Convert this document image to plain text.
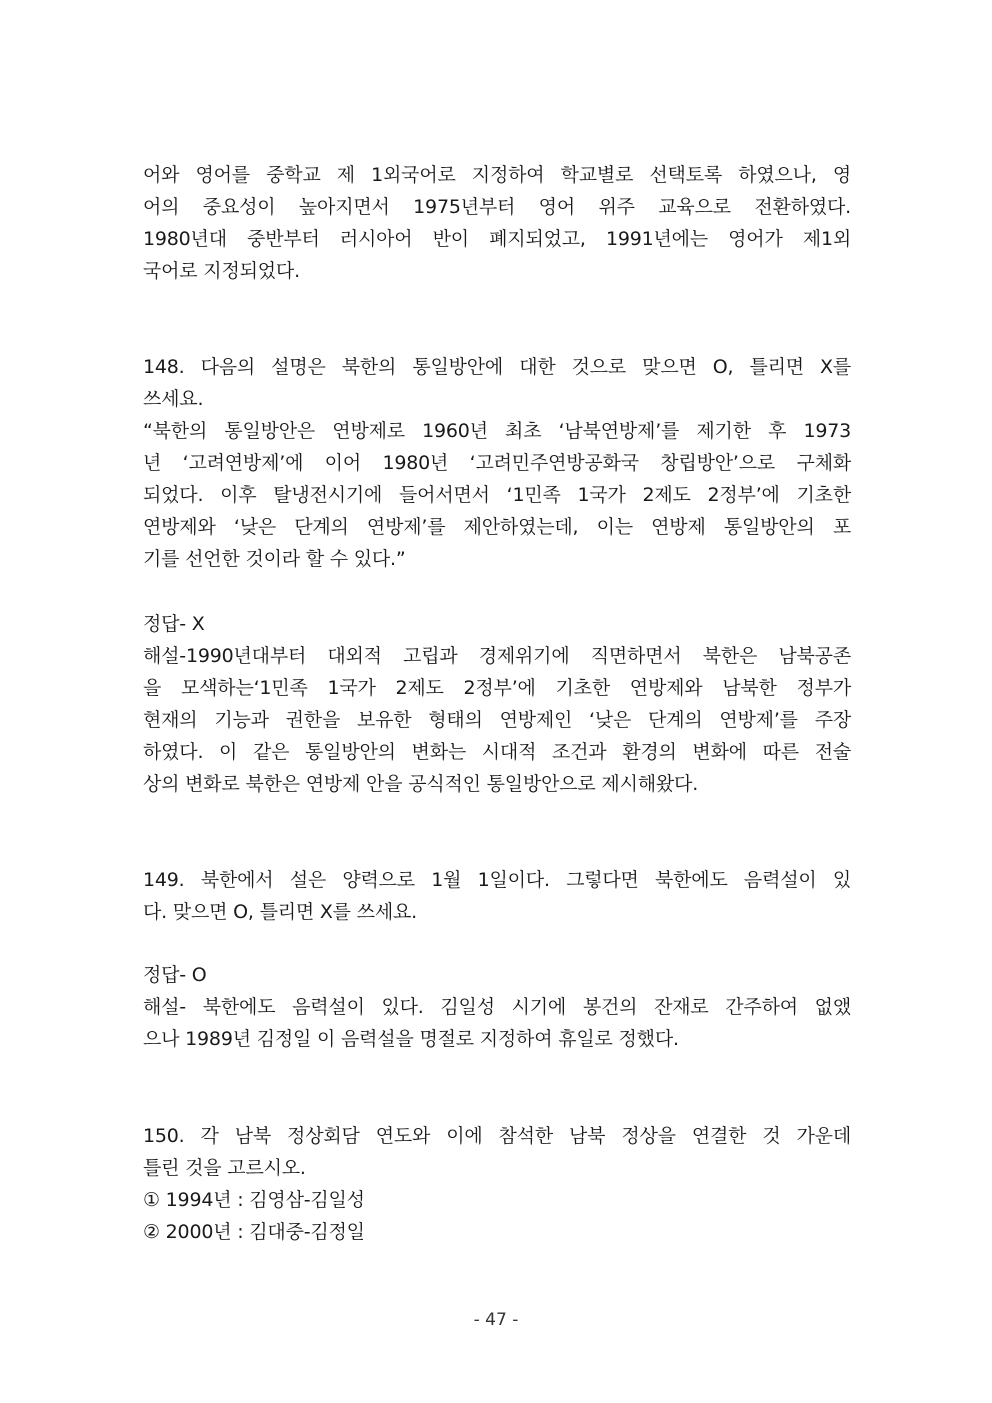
어와 영어를 중학교 제 1외국어로 지정하여 학교별로 선택토록 하였으나, 영
어의 중요성이 높아지면서 1975년부터 영어 위주 교육으로 전환하였다.
1980년대 중반부터 러시아어 반이 폐지되었고, 1991년에는 영어가 제1외
국어로 지정되었다.
148. 다음의 설명은 북한의 통일방안에 대한 것으로 맞으면 O, 틀리면 X를
쓰세요.
“북한의 통일방안은 연방제로 1960년 최초 ‘남북연방제’를 제기한 후 1973
년 ‘고려연방제’에 이어 1980년 ‘고려민주연방공화국 창립방안’으로 구체화
되었다. 이후 탈냉전시기에 들어서면서 ‘1민족 1국가 2제도 2정부’에 기초한
연방제와 ‘낮은 단계의 연방제’를 제안하였는데, 이는 연방제 통일방안의 포
기를 선언한 것이라 할 수 있다.”
정답- X
해설-1990년대부터 대외적 고립과 경제위기에 직면하면서 북한은 남북공존
을 모색하는‘1민족 1국가 2제도 2정부’에 기초한 연방제와 남북한 정부가
현재의 기능과 권한을 보유한 형태의 연방제인 ‘낮은 단계의 연방제’를 주장
하였다. 이 같은 통일방안의 변화는 시대적 조건과 환경의 변화에 따른 전술
상의 변화로 북한은 연방제 안을 공식적인 통일방안으로 제시해왔다.
149. 북한에서 설은 양력으로 1월 1일이다. 그렇다면 북한에도 음력설이 있
다. 맞으면 O, 틀리면 X를 쓰세요.
정답- O
해설- 북한에도 음력설이 있다. 김일성 시기에 봉건의 잔재로 간주하여 없앴
으나 1989년 김정일 이 음력설을 명절로 지정하여 휴일로 정했다.
150. 각 남북 정상회담 연도와 이에 참석한 남북 정상을 연결한 것 가운데
틀린 것을 고르시오.
① 1994년 : 김영삼-김일성
② 2000년 : 김대중-김정일
- 47 -
